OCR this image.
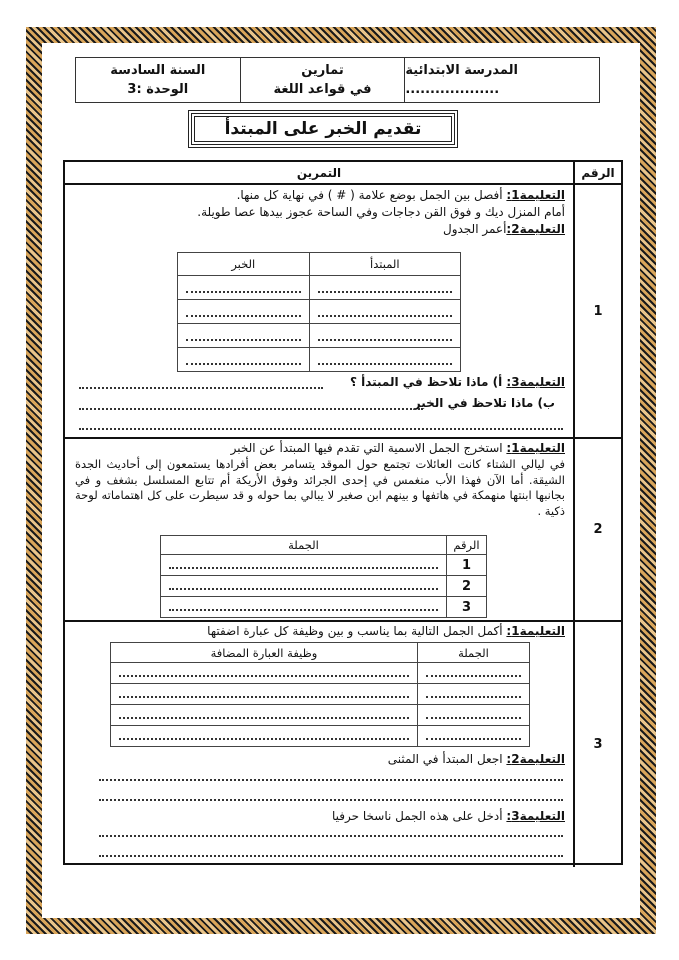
المدرسة الابتدائية
...................
تمارين
في قواعد اللغة
السنة السادسة
الوحدة :3
تقديم الخبر على المبتدأ
الرقم
التمرين
1
التعليمة1: أفصل بين الجمل بوضع علامة ( # ) في نهاية كل منها.
أمام المنزل ديك و فوق القن دجاجات وفي الساحة عجوز بيدها عصا طويلة.
التعليمة2:أعمر الجدول
المبتدأ	الخبر

التعليمة3: أ) ماذا تلاحظ في المبتدأ ؟
ب) ماذا تلاحظ في الخبر
2
التعليمة1: استخرج الجمل الاسمية التي تقدم فيها المبتدأ عن الخبر
في ليالي الشتاء كانت العائلات تجتمع حول الموقد يتسامر بعض أفرادها يستمعون إلى أحاديث الجدة الشيقة. أما الآن فهذا الأب منغمس في إحدى الجرائد وفوق الأريكة أم تتابع المسلسل بشغف و في بجانبها ابنتها منهمكة في هاتفها و بينهم ابن صغير لا يبالي بما حوله و قد سيطرت على كل اهتماماته لوحة ذكية .
الرقم	الجملة
1	
2	
3	
3
التعليمة1: أكمل الجمل التالية بما يناسب و بين وظيفة كل عبارة اضفتها
الجملة	وظيفة العبارة المضافة

التعليمة2: اجعل المبتدأ في المثنى
التعليمة3: أدخل على هذه الجمل ناسخا حرفيا
